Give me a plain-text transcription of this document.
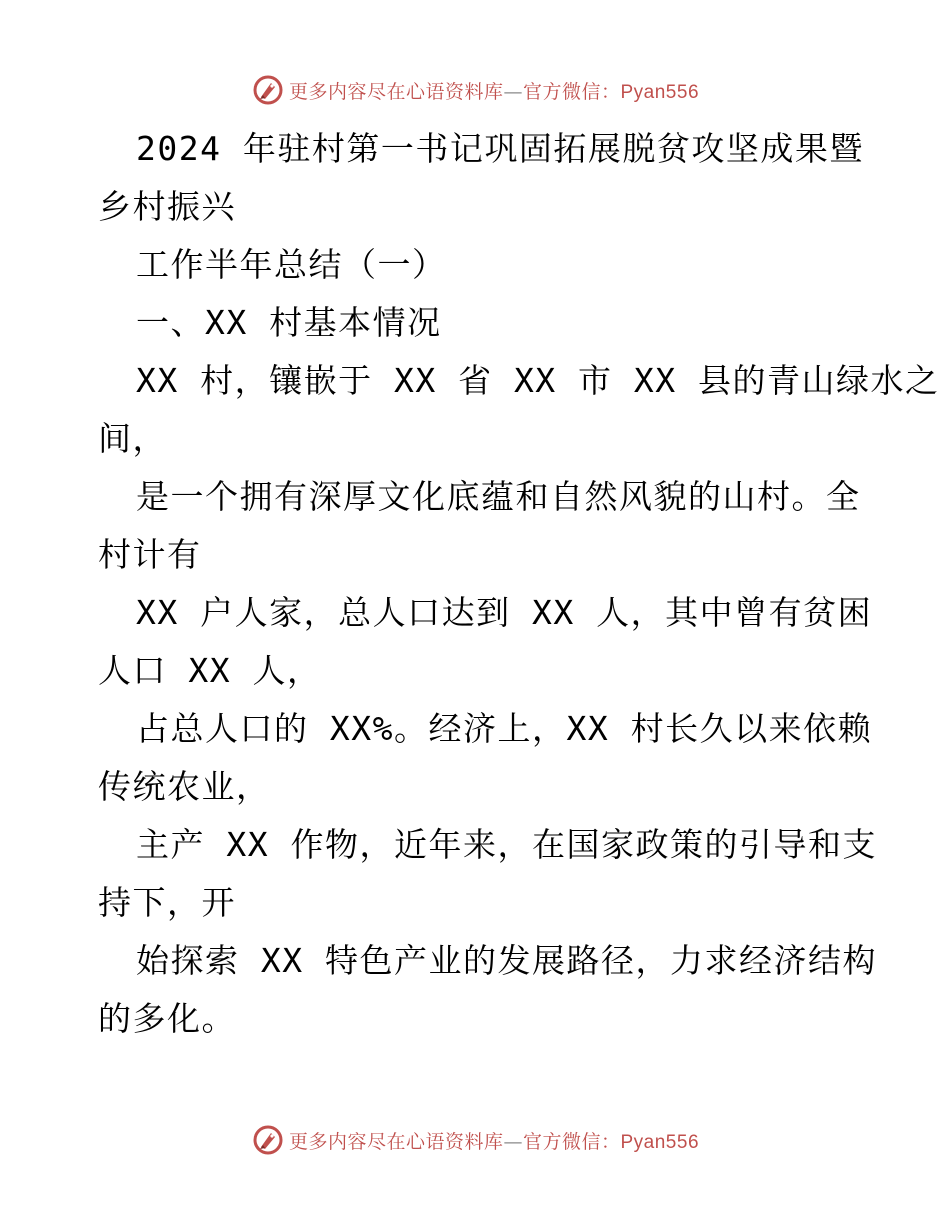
更多内容尽在心语资料库—官方微信：Pyan556
2024 年驻村第一书记巩固拓展脱贫攻坚成果暨
乡村振兴
工作半年总结（一）
一、XX 村基本情况
XX 村，镶嵌于 XX 省 XX 市 XX 县的青山绿水之
间，
是一个拥有深厚文化底蕴和自然风貌的山村。全
村计有
XX 户人家，总人口达到 XX 人，其中曾有贫困
人口 XX 人，
占总人口的 XX%。经济上，XX 村长久以来依赖
传统农业，
主产 XX 作物，近年来，在国家政策的引导和支
持下，开
始探索 XX 特色产业的发展路径，力求经济结构
的多化。
更多内容尽在心语资料库—官方微信：Pyan556
